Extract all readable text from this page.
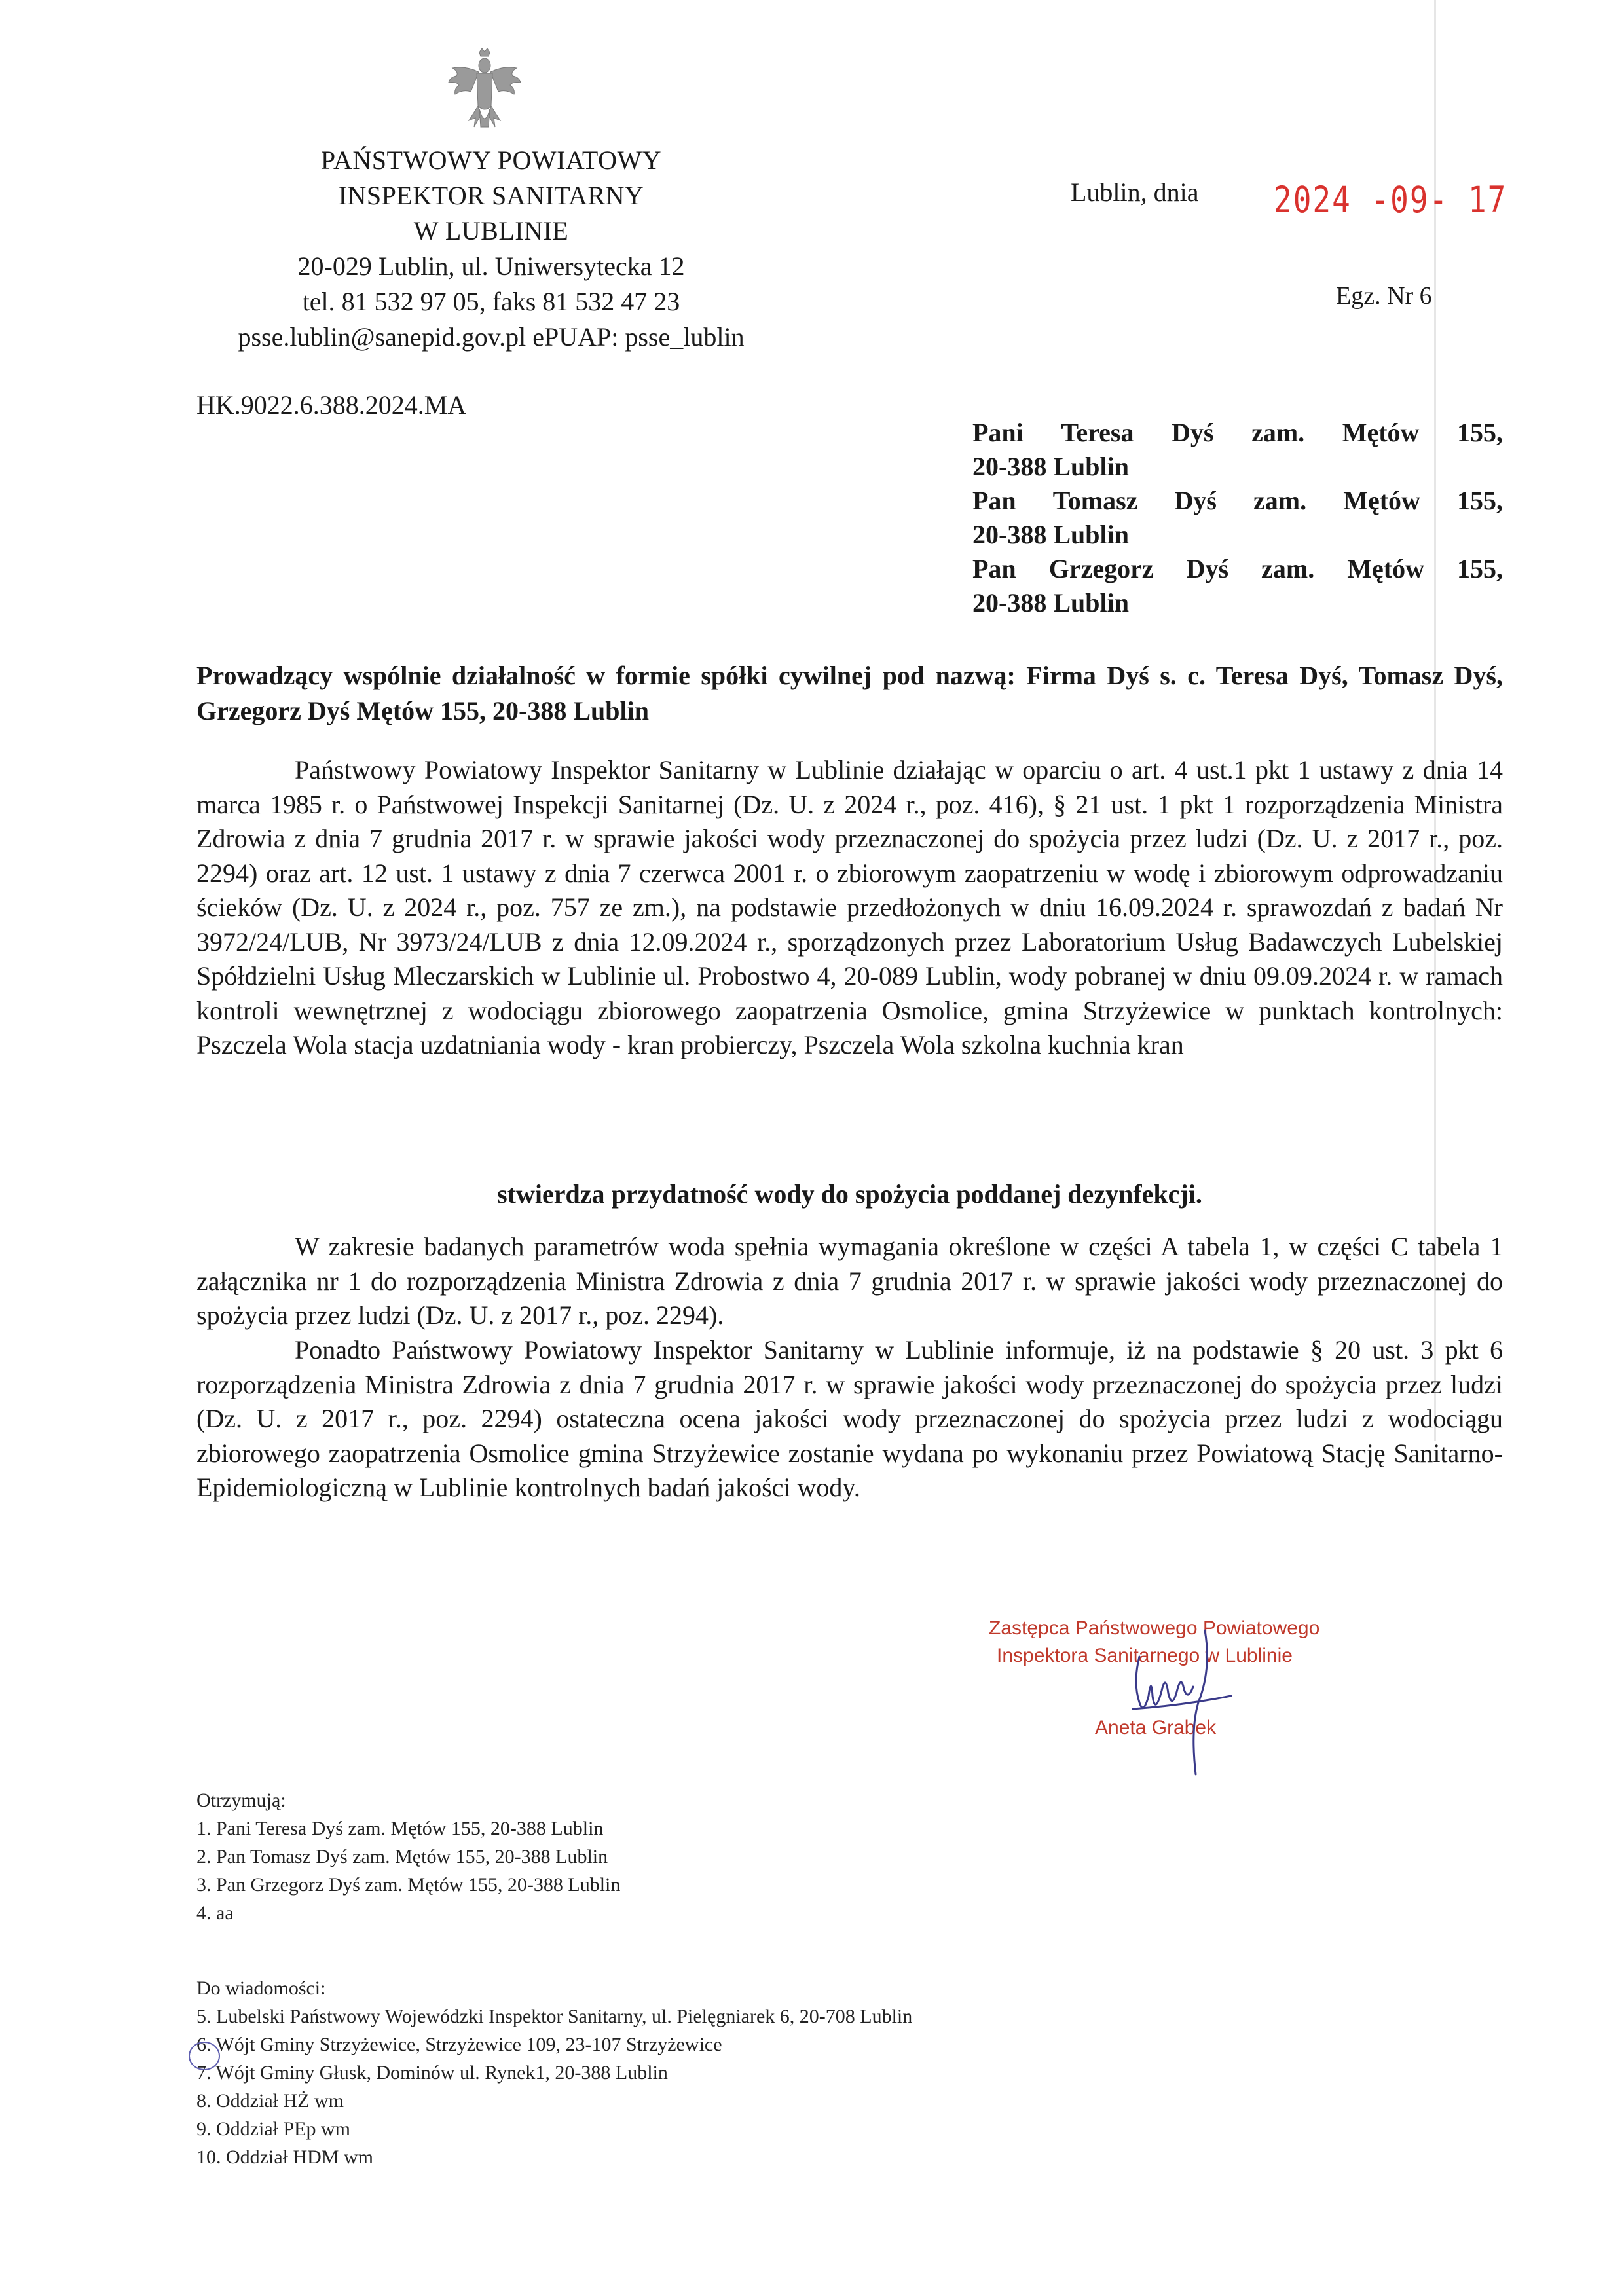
PAŃSTWOWY POWIATOWY
INSPEKTOR SANITARNY
W LUBLINIE
20-029 Lublin, ul. Uniwersytecka 12
tel. 81 532 97 05, faks 81 532 47 23
psse.lublin@sanepid.gov.pl ePUAP: psse_lublin
Lublin, dnia 2024 -09- 17
Egz. Nr 6
HK.9022.6.388.2024.MA
Pani Teresa Dyś zam. Mętów 155,
20-388 Lublin
Pan Tomasz Dyś zam. Mętów 155,
20-388 Lublin
Pan Grzegorz Dyś zam. Mętów 155,
20-388 Lublin
Prowadzący wspólnie działalność w formie spółki cywilnej pod nazwą: Firma Dyś s. c. Teresa Dyś, Tomasz Dyś, Grzegorz Dyś Mętów 155, 20-388 Lublin
Państwowy Powiatowy Inspektor Sanitarny w Lublinie działając w oparciu o art. 4 ust.1 pkt 1 ustawy z dnia 14 marca 1985 r. o Państwowej Inspekcji Sanitarnej (Dz. U. z 2024 r., poz. 416), § 21 ust. 1 pkt 1 rozporządzenia Ministra Zdrowia z dnia 7 grudnia 2017 r. w sprawie jakości wody przeznaczonej do spożycia przez ludzi (Dz. U. z 2017 r., poz. 2294) oraz art. 12 ust. 1 ustawy z dnia 7 czerwca 2001 r. o zbiorowym zaopatrzeniu w wodę i zbiorowym odprowadzaniu ścieków (Dz. U. z 2024 r., poz. 757 ze zm.), na podstawie przedłożonych w dniu 16.09.2024 r. sprawozdań z badań Nr 3972/24/LUB, Nr 3973/24/LUB z dnia 12.09.2024 r., sporządzonych przez Laboratorium Usług Badawczych Lubelskiej Spółdzielni Usług Mleczarskich w Lublinie ul. Probostwo 4, 20-089 Lublin, wody pobranej w dniu 09.09.2024 r. w ramach kontroli wewnętrznej z wodociągu zbiorowego zaopatrzenia Osmolice, gmina Strzyżewice w punktach kontrolnych: Pszczela Wola stacja uzdatniania wody - kran probierczy, Pszczela Wola szkolna kuchnia kran
stwierdza przydatność wody do spożycia poddanej dezynfekcji.
W zakresie badanych parametrów woda spełnia wymagania określone w części A tabela 1, w części C tabela 1 załącznika nr 1 do rozporządzenia Ministra Zdrowia z dnia 7 grudnia 2017 r. w sprawie jakości wody przeznaczonej do spożycia przez ludzi (Dz. U. z 2017 r., poz. 2294).
Ponadto Państwowy Powiatowy Inspektor Sanitarny w Lublinie informuje, iż na podstawie § 20 ust. 3 pkt 6 rozporządzenia Ministra Zdrowia z dnia 7 grudnia 2017 r. w sprawie jakości wody przeznaczonej do spożycia przez ludzi (Dz. U. z 2017 r., poz. 2294) ostateczna ocena jakości wody przeznaczonej do spożycia przez ludzi z wodociągu zbiorowego zaopatrzenia Osmolice gmina Strzyżewice zostanie wydana po wykonaniu przez Powiatową Stację Sanitarno-Epidemiologiczną w Lublinie kontrolnych badań jakości wody.
Zastępca Państwowego Powiatowego
Inspektora Sanitarnego w Lublinie
Aneta Grabek
Otrzymują:
1. Pani Teresa Dyś zam. Mętów 155, 20-388 Lublin
2. Pan Tomasz Dyś zam. Mętów 155, 20-388 Lublin
3. Pan Grzegorz Dyś zam. Mętów 155, 20-388 Lublin
4. aa
Do wiadomości:
5. Lubelski Państwowy Wojewódzki Inspektor Sanitarny, ul. Pielęgniarek 6, 20-708 Lublin
6. Wójt Gminy Strzyżewice, Strzyżewice 109, 23-107 Strzyżewice
7. Wójt Gminy Głusk, Dominów ul. Rynek1, 20-388 Lublin
8. Oddział HŻ wm
9. Oddział PEp wm
10. Oddział HDM wm
